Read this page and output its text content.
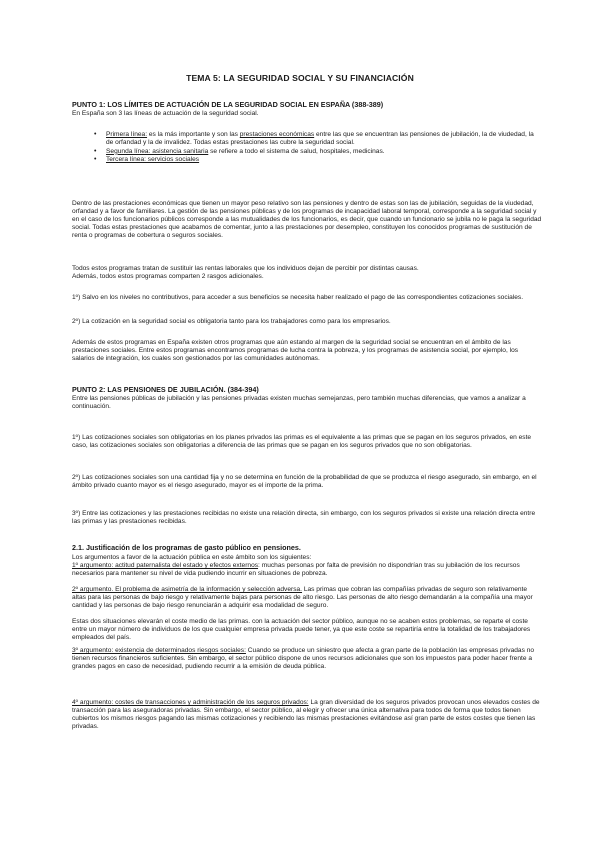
TEMA 5: LA SEGURIDAD SOCIAL Y SU FINANCIACIÓN
PUNTO 1: LOS LÍMITES DE ACTUACIÓN DE LA SEGURIDAD SOCIAL EN ESPAÑA (388-389)

En España son 3 las líneas de actuación de la seguridad social.

• Primera línea: es la más importante y son las prestaciones económicas entre las que se encuentran las pensiones de jubilación, la de viudedad, la de orfandad y la de invalidez. Todas estas prestaciones las cubre la seguridad social.
• Segunda línea: asistencia sanitaria se refiere a todo el sistema de salud, hospitales, medicinas.
• Tercera línea: servicios sociales

Dentro de las prestaciones económicas que tienen un mayor peso relativo son las pensiones y dentro de estas son las de jubilación, seguidas de la viudedad, orfandad y a favor de familiares. La gestión de las pensiones públicas y de los programas de incapacidad laboral temporal, corresponde a la seguridad social y en el caso de los funcionarios públicos corresponde a las mutualidades de los funcionarios, es decir, que cuando un funcionario se jubila no le paga la seguridad social. Todas estas prestaciones que acabamos de comentar, junto a las prestaciones por desempleo, constituyen los conocidos programas de sustitución de renta o programas de cobertura o seguros sociales.

Todos estos programas tratan de sustituir las rentas laborales que los individuos dejan de percibir por distintas causas.

Además, todos estos programas comparten 2 rasgos adicionales.

1º) Salvo en los niveles no contributivos, para acceder a sus beneficios se necesita haber realizado el pago de las correspondientes cotizaciones sociales.

2º) La cotización en la seguridad social es obligatoria tanto para los trabajadores como para los empresarios.

Además de estos programas en España existen otros programas que aún estando al margen de la seguridad social se encuentran en el ámbito de las prestaciones sociales. Entre estos programas encontramos programas de lucha contra la pobreza, y los programas de asistencia social, por ejemplo, los salarios de integración, los cuales son gestionados por las comunidades autónomas.

PUNTO 2: LAS PENSIONES DE JUBILACIÓN. (384-394)

Entre las pensiones públicas de jubilación y las pensiones privadas existen muchas semejanzas, pero también muchas diferencias, que vamos a analizar a continuación.

1º) Las cotizaciones sociales son obligatorias en los planes privados las primas es el equivalente a las primas que se pagan en los seguros privados, en este caso, las cotizaciones sociales son obligatorias a diferencia de las primas que se pagan en los seguros privados que no son obligatorias.

2º) Las cotizaciones sociales son una cantidad fija y no se determina en función de la probabilidad de que se produzca el riesgo asegurado, sin embargo, en el ámbito privado cuanto mayor es el riesgo asegurado, mayor es el importe de la prima.

3º) Entre las cotizaciones y las prestaciones recibidas no existe una relación directa, sin embargo, con los seguros privados si existe una relación directa entre las primas y las prestaciones recibidas.

2.1. Justificación de los programas de gasto público en pensiones.

Los argumentos a favor de la actuación pública en este ámbito son los siguientes:

1º argumento: actitud paternalista del estado y efectos externos: muchas personas por falta de previsión no dispondrían tras su jubilación de los recursos necesarios para mantener su nivel de vida pudiendo incurrir en situaciones de pobreza.

2º argumento. El problema de asimetría de la información y selección adversa. Las primas que cobran las compañías privadas de seguro son relativamente altas para las personas de bajo riesgo y relativamente bajas para personas de alto riesgo. Las personas de alto riesgo demandarán a la compañía una mayor cantidad y las personas de bajo riesgo renunciarán a adquirir esa modalidad de seguro.

Estas dos situaciones elevarán el coste medio de las primas. con la actuación del sector público, aunque no se acaben estos problemas, se reparte el coste entre un mayor número de individuos de los que cualquier empresa privada puede tener, ya que este coste se repartiría entre la totalidad de los trabajadores empleados del país.

3º argumento: existencia de determinados riesgos sociales: Cuando se produce un siniestro que afecta a gran parte de la población las empresas privadas no tienen recursos financieros suficientes. Sin embargo, el sector público dispone de unos recursos adicionales que son los impuestos para poder hacer frente a grandes pagos en caso de necesidad, pudiendo recurrir a la emisión de deuda pública.

4º argumento: costes de transacciones y administración de los seguros privados: La gran diversidad de los seguros privados provocan unos elevados costes de transacción para las aseguradoras privadas. Sin embargo, el sector público, al elegir y ofrecer una única alternativa para todos de forma que todos tienen cubiertos los mismos riesgos pagando las mismas cotizaciones y recibiendo las mismas prestaciones evitándose así gran parte de estos costes que tienen las privadas.
